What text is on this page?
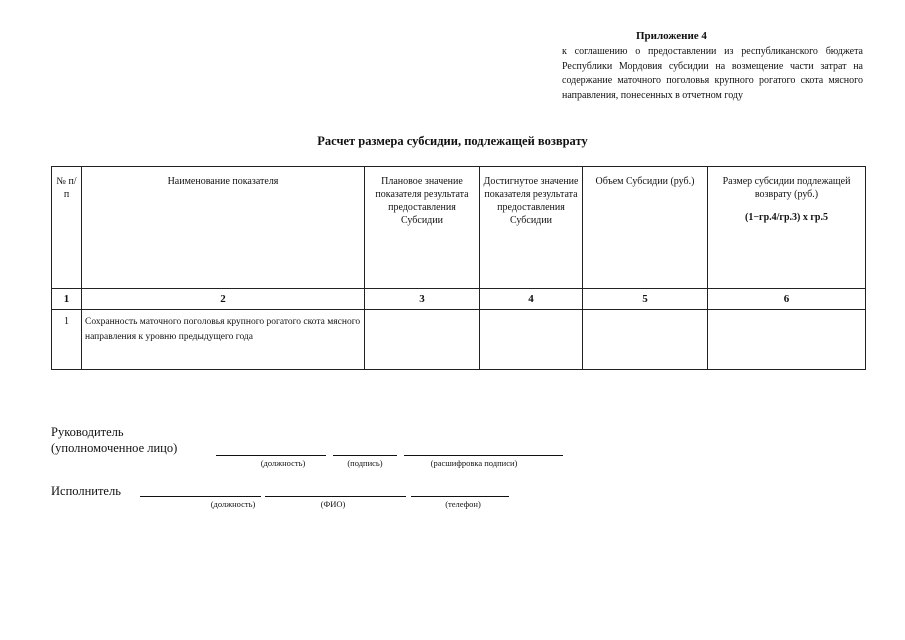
Приложение 4
к соглашению о предоставлении из республиканского бюджета Республики Мордовия субсидии на возмещение части затрат на содержание маточного поголовья крупного рогатого скота мясного направления, понесенных в отчетном году
Расчет размера субсидии, подлежащей возврату
№ п/п	Наименование показателя	Плановое значение показателя результата предоставления Субсидии	Достигнутое значение показателя результата предоставления Субсидии	Объем Субсидии (руб.)	Размер субсидии подлежащей возврату (руб.)
(1−гр.4/гр.3) х гр.5

1	2	3	4	5	6
1	Сохранность маточного поголовья крупного рогатого скота мясного направления к уровню предыдущего года				
Руководитель
(уполномоченное лицо)
(должность)	(подпись)	(расшифровка подписи)
Исполнитель
(должность)	(ФИО)	(телефон)
